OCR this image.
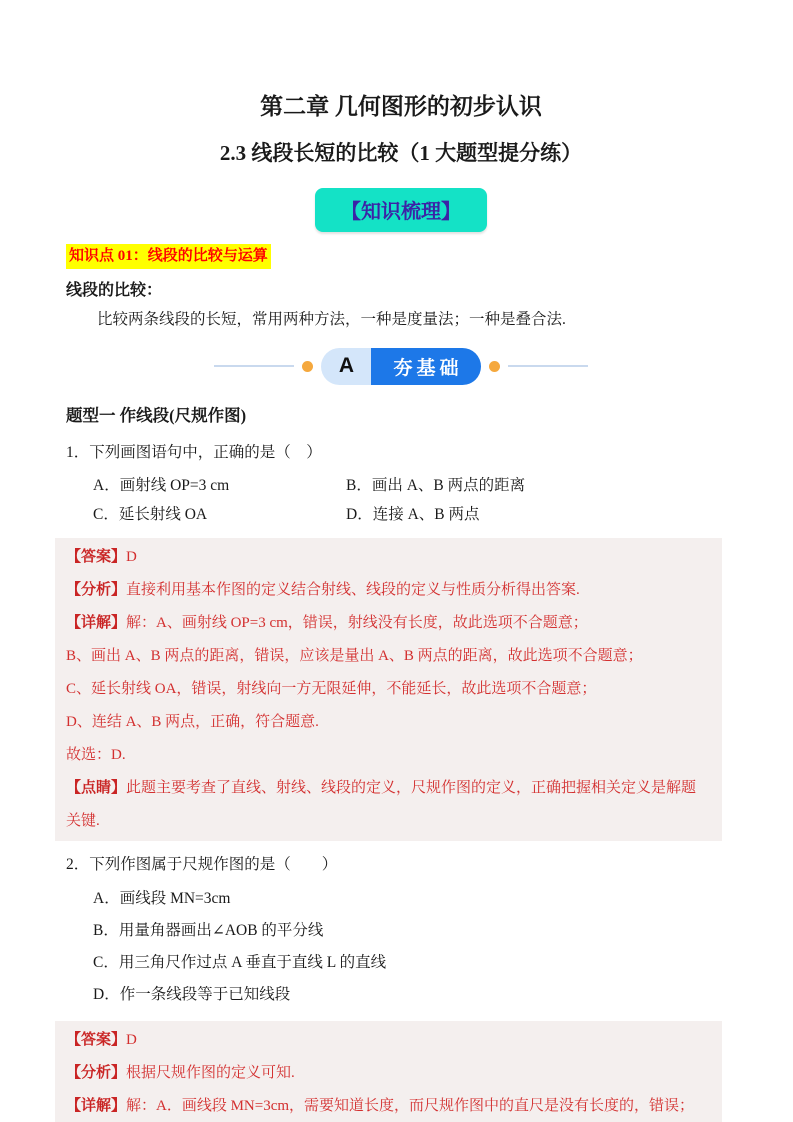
第二章 几何图形的初步认识
2.3 线段长短的比较（1 大题型提分练）
【知识梳理】
知识点 01：线段的比较与运算

线段的比较：

比较两条线段的长短，常用两种方法，一种是度量法；一种是叠合法.

A	夯基础
题型一 作线段(尺规作图)

1．下列画图语句中，正确的是（　）

A．画射线 OP=3 cm	B．画出 A、B 两点的距离

C．延长射线 OA	D．连接 A、B 两点

【答案】D

【分析】直接利用基本作图的定义结合射线、线段的定义与性质分析得出答案.

【详解】解：A、画射线 OP=3 cm，错误，射线没有长度，故此选项不合题意；

B、画出 A、B 两点的距离，错误，应该是量出 A、B 两点的距离，故此选项不合题意；

C、延长射线 OA，错误，射线向一方无限延伸，不能延长，故此选项不合题意；

D、连结 A、B 两点，正确，符合题意.

故选：D.

【点睛】此题主要考查了直线、射线、线段的定义，尺规作图的定义，正确把握相关定义是解题关键.

2．下列作图属于尺规作图的是（　　）

A．画线段 MN=3cm

B．用量角器画出∠AOB 的平分线

C．用三角尺作过点 A 垂直于直线 L 的直线

D．作一条线段等于已知线段

【答案】D

【分析】根据尺规作图的定义可知.

【详解】解：A．画线段 MN=3cm，需要知道长度，而尺规作图中的直尺是没有长度的，错误；
